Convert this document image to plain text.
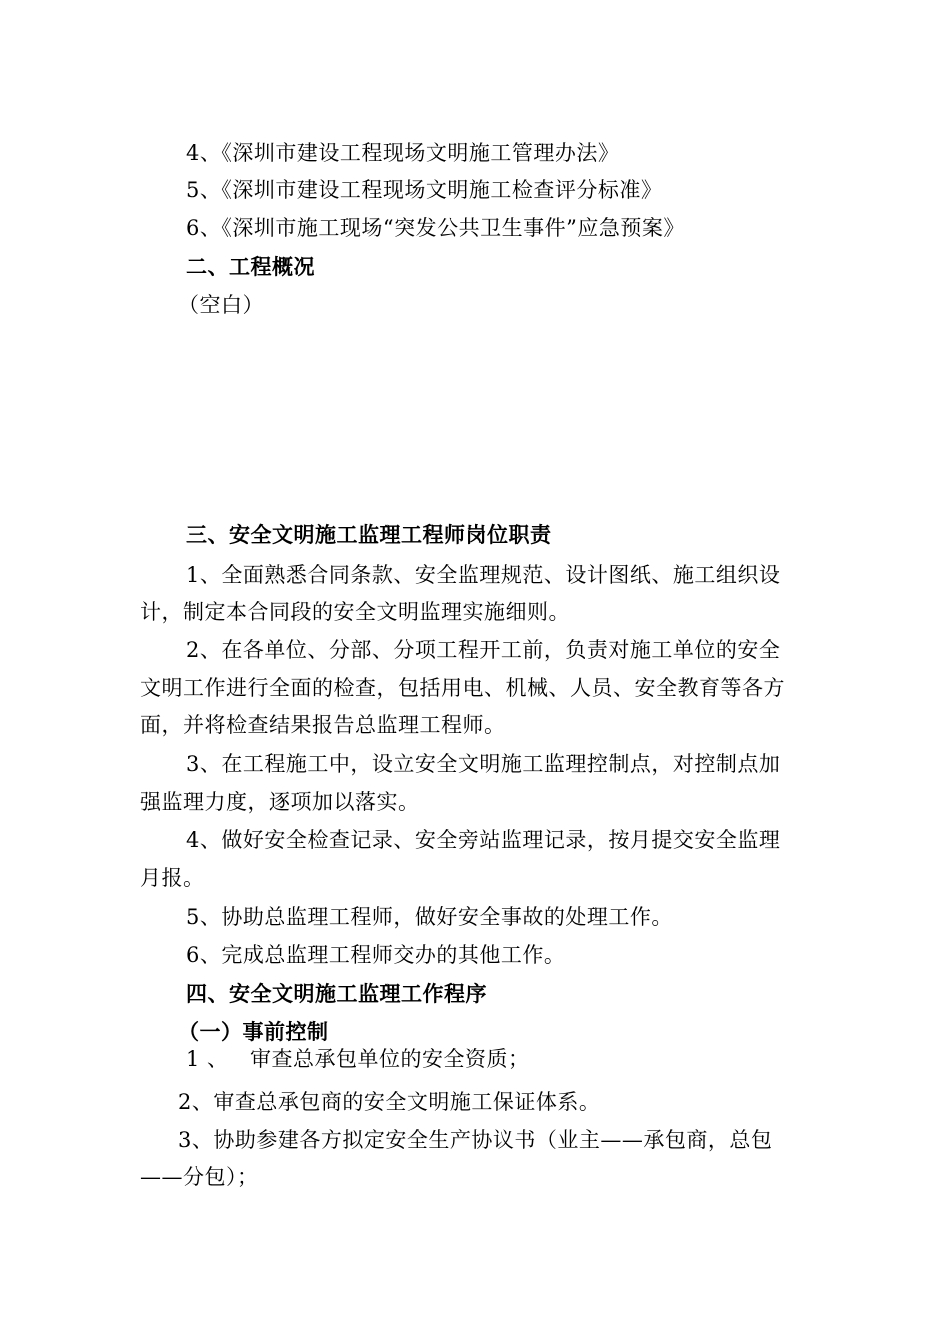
4、《深圳市建设工程现场文明施工管理办法》
5、《深圳市建设工程现场文明施工检查评分标准》
6、《深圳市施工现场“突发公共卫生事件”应急预案》
二、工程概况
（空白）
三、安全文明施工监理工程师岗位职责
1、全面熟悉合同条款、安全监理规范、设计图纸、施工组织设
计，制定本合同段的安全文明监理实施细则。
2、在各单位、分部、分项工程开工前，负责对施工单位的安全
文明工作进行全面的检查，包括用电、机械、人员、安全教育等各方
面，并将检查结果报告总监理工程师。
3、在工程施工中，设立安全文明施工监理控制点，对控制点加
强监理力度，逐项加以落实。
4、做好安全检查记录、安全旁站监理记录，按月提交安全监理
月报。
5、协助总监理工程师，做好安全事故的处理工作。
6、完成总监理工程师交办的其他工作。
四、安全文明施工监理工作程序
（一）事前控制
1 、   审查总承包单位的安全资质；
2、审查总承包商的安全文明施工保证体系。
3、协助参建各方拟定安全生产协议书（业主——承包商，总包
——分包）；
